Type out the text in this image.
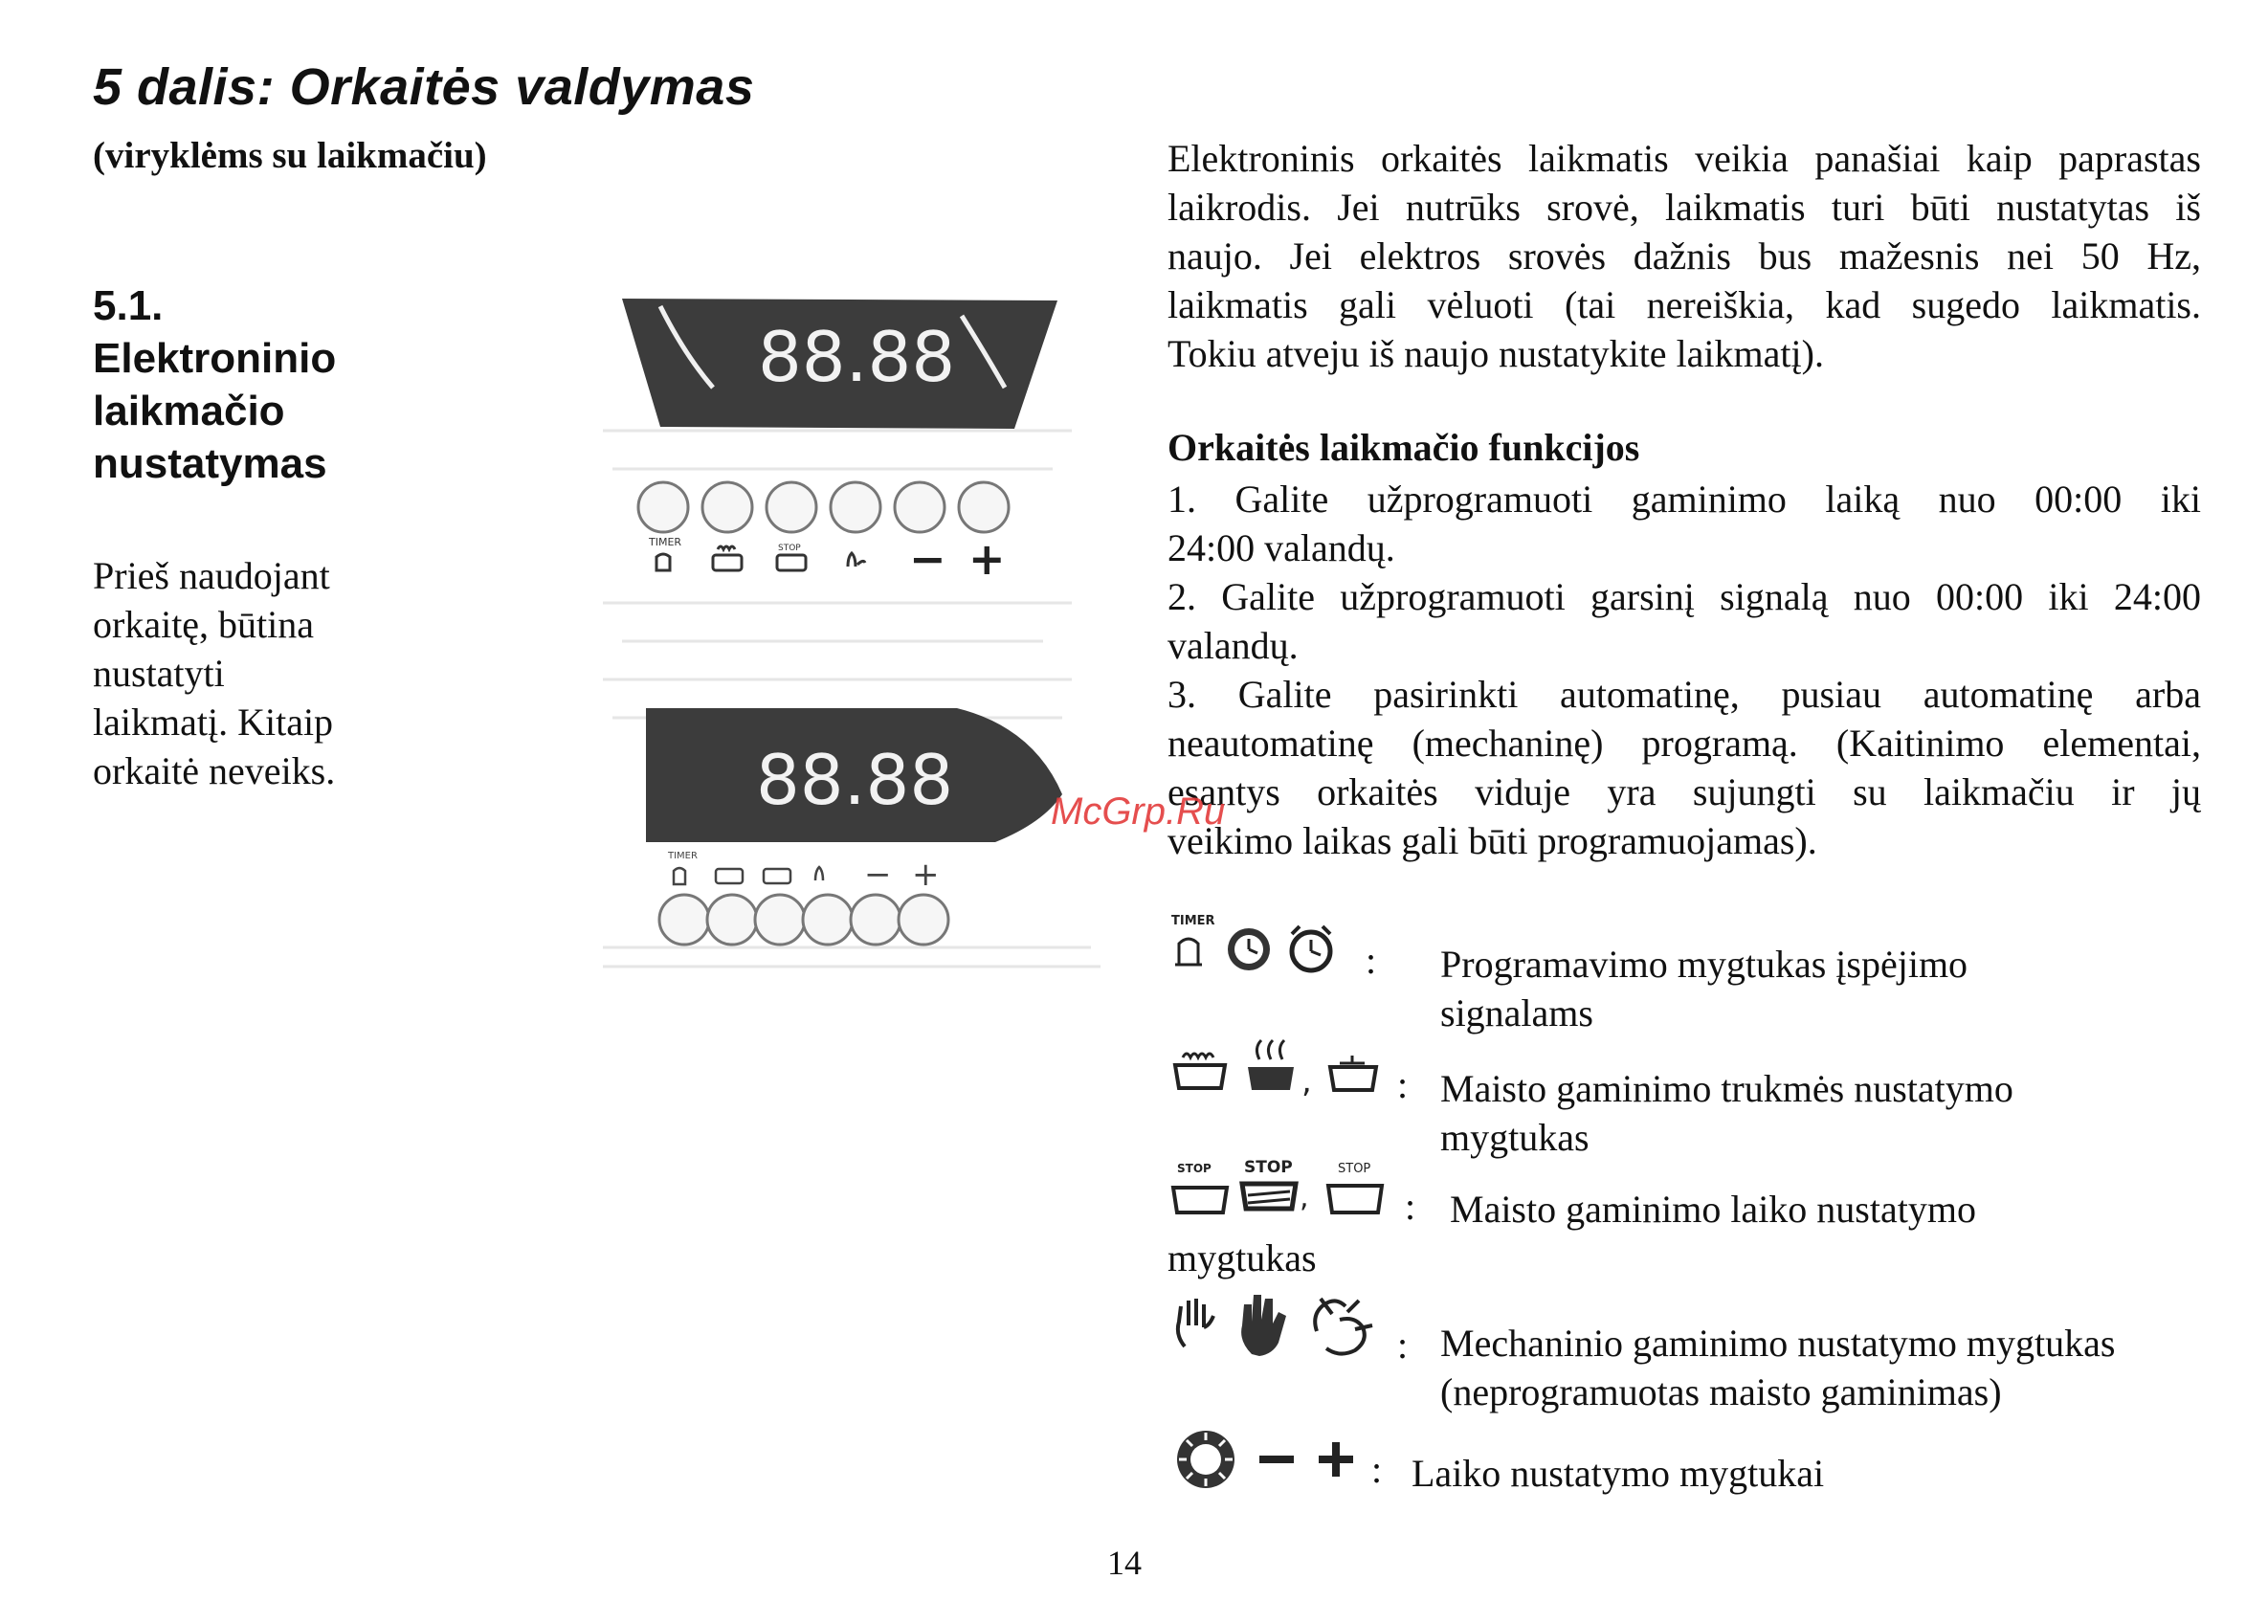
5 dalis: Orkaitės valdymas
(viryklėms su laikmačiu)
5.1.
Elektroninio
laikmačio
nustatymas
Prieš naudojant
orkaitę, būtina
nustatyti
laikmatį. Kitaip
orkaitė neveiks.
88.88
TIMER	STOP − +
88.88
TIMER	− +
Elektroninis orkaitės laikmatis veikia panašiai kaip paprastas
laikrodis. Jei nutrūks srovė, laikmatis turi būti nustatytas iš
naujo. Jei elektros srovės dažnis bus mažesnis nei 50 Hz,
laikmatis gali vėluoti (tai nereiškia, kad sugedo laikmatis.
Tokiu atveju iš naujo nustatykite laikmatį).
Orkaitės laikmačio funkcijos
1. Galite užprogramuoti gaminimo laiką nuo 00:00 iki
24:00 valandų.
2. Galite užprogramuoti garsinį signalą nuo 00:00 iki 24:00
valandų.
3. Galite pasirinkti automatinę, pusiau automatinę arba
neautomatinę (mechaninę) programą. (Kaitinimo elementai,
esantys orkaitės viduje yra sujungti su laikmačiu ir jų
veikimo laikas gali būti programuojamas).
McGrp.Ru
TIMER
: Programavimo mygtukas įspėjimo
signalams
, : Maisto gaminimo trukmės nustatymo
mygtukas
STOP STOP
,
STOP
: Maisto gaminimo laiko nustatymo
mygtukas
: Mechaninio gaminimo nustatymo mygtukas
(neprogramuotas maisto gaminimas)
: Laiko nustatymo mygtukai
14
